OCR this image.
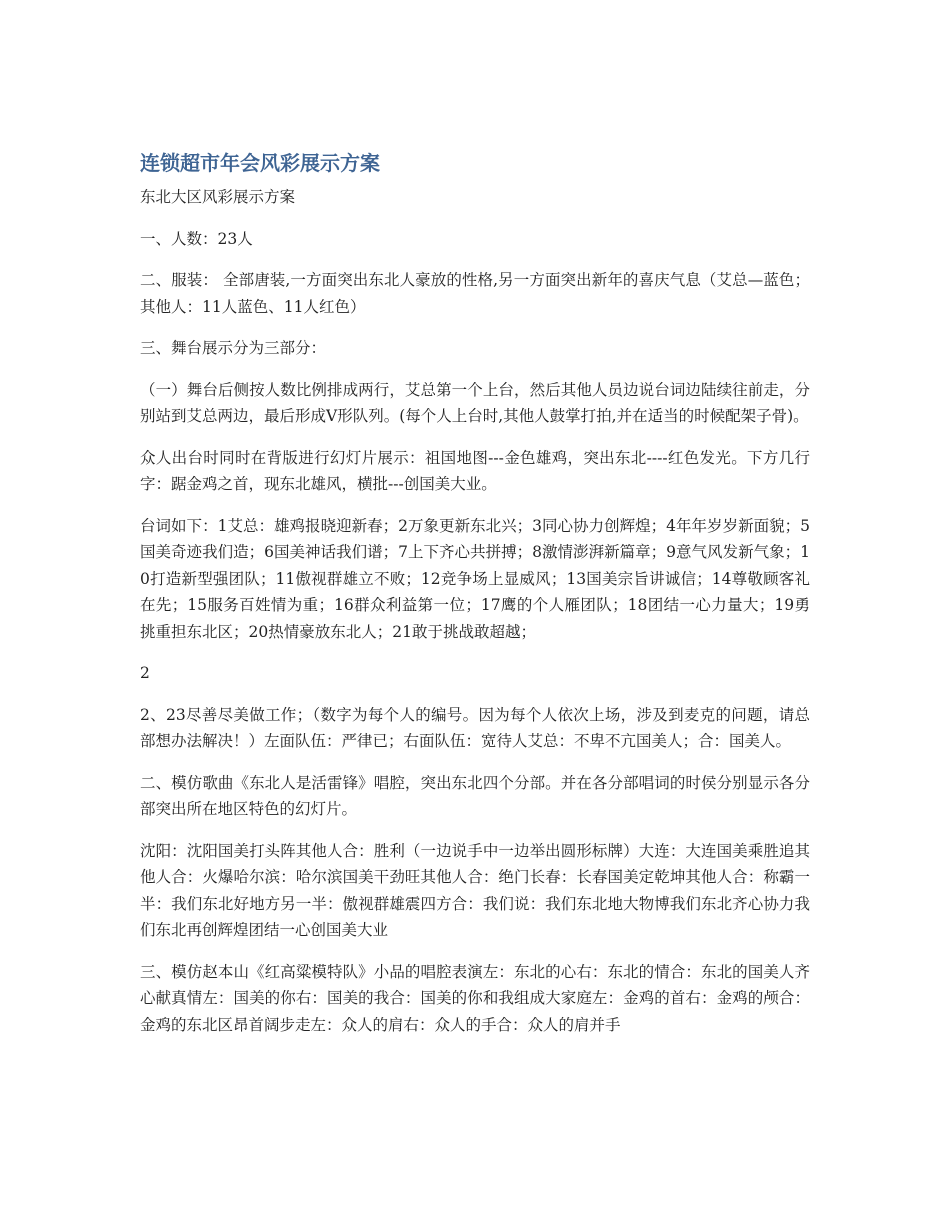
连锁超市年会风彩展示方案

东北大区风彩展示方案

一、人数：23人

二、服装： 全部唐装,一方面突出东北人豪放的性格,另一方面突出新年的喜庆气息（艾总—蓝色；其他人：11人蓝色、11人红色）

三、舞台展示分为三部分：

（一）舞台后侧按人数比例排成两行，艾总第一个上台，然后其他人员边说台词边陆续往前走，分别站到艾总两边，最后形成V形队列。(每个人上台时,其他人鼓掌打拍,并在适当的时候配架子骨)。

众人出台时同时在背版进行幻灯片展示：祖国地图---金色雄鸡，突出东北----红色发光。下方几行字：踞金鸡之首，现东北雄风，横批---创国美大业。

台词如下：1艾总：雄鸡报晓迎新春；2万象更新东北兴；3同心协力创辉煌；4年年岁岁新面貌；5国美奇迹我们造；6国美神话我们谱；7上下齐心共拼搏；8激情澎湃新篇章；9意气风发新气象；10打造新型强团队；11傲视群雄立不败；12竞争场上显威风；13国美宗旨讲诚信；14尊敬顾客礼在先；15服务百姓情为重；16群众利益第一位；17鹰的个人雁团队；18团结一心力量大；19勇挑重担东北区；20热情豪放东北人；21敢于挑战敢超越；

2

2、23尽善尽美做工作；（数字为每个人的编号。因为每个人依次上场，涉及到麦克的问题，请总部想办法解决！）左面队伍：严律已；右面队伍：宽待人艾总：不卑不亢国美人；合：国美人。

二、模仿歌曲《东北人是活雷锋》唱腔，突出东北四个分部。并在各分部唱词的时侯分别显示各分部突出所在地区特色的幻灯片。

沈阳：沈阳国美打头阵其他人合：胜利（一边说手中一边举出圆形标牌）大连：大连国美乘胜追其他人合：火爆哈尔滨：哈尔滨国美干劲旺其他人合：绝门长春：长春国美定乾坤其他人合：称霸一半：我们东北好地方另一半：傲视群雄震四方合：我们说：我们东北地大物博我们东北齐心协力我们东北再创辉煌团结一心创国美大业

三、模仿赵本山《红高粱模特队》小品的唱腔表演左：东北的心右：东北的情合：东北的国美人齐心献真情左：国美的你右：国美的我合：国美的你和我组成大家庭左：金鸡的首右：金鸡的颅合：金鸡的东北区昂首阔步走左：众人的肩右：众人的手合：众人的肩并手
